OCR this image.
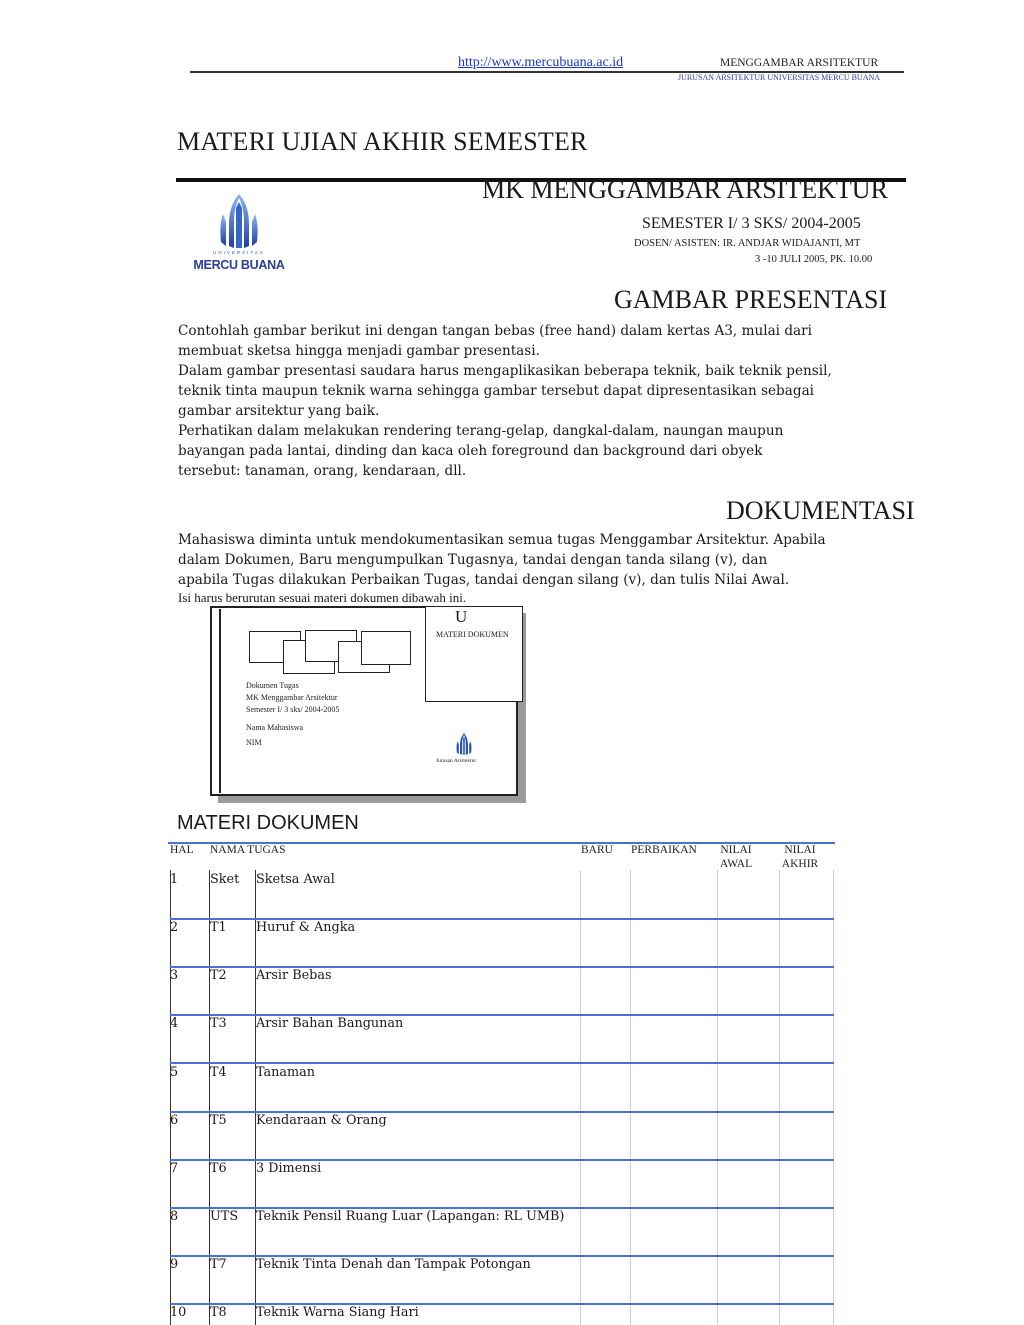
http://www.mercubuana.ac.id	MENGGAMBAR ARSITEKTUR
JURUSAN ARSITEKTUR UNIVERSITAS MERCU BUANA
MATERI UJIAN AKHIR SEMESTER
MK MENGGAMBAR ARSITEKTUR
SEMESTER I/ 3 SKS/ 2004-2005
DOSEN/ ASISTEN: IR. ANDJAR WIDAJANTI, MT
3 -10 JULI 2005, PK. 10.00
UNIVERSITAS
MERCU BUANA
GAMBAR PRESENTASI
Contohlah gambar berikut ini dengan tangan bebas (free hand) dalam kertas A3, mulai dari
membuat sketsa hingga menjadi gambar presentasi.
Dalam gambar presentasi saudara harus mengaplikasikan beberapa teknik, baik teknik pensil,
teknik tinta maupun teknik warna sehingga gambar tersebut dapat dipresentasikan sebagai
gambar arsitektur yang baik.
Perhatikan dalam melakukan rendering terang-gelap, dangkal-dalam, naungan maupun
bayangan pada lantai, dinding dan kaca oleh foreground dan background dari obyek
tersebut: tanaman, orang, kendaraan, dll.
DOKUMENTASI
Mahasiswa diminta untuk mendokumentasikan semua tugas Menggambar Arsitektur. Apabila
dalam Dokumen, Baru mengumpulkan Tugasnya, tandai dengan tanda silang (v), dan
apabila Tugas dilakukan Perbaikan Tugas, tandai dengan silang (v), dan tulis Nilai Awal.
Isi harus berurutan sesuai materi dokumen dibawah ini.
U
MATERI DOKUMEN
Dokumen Tugas
MK Menggambar Arsitektur
Semester I/ 3 sks/ 2004-2005
Nama Mahasiswa
NIM
Jurusan Arsitektur
MATERI DOKUMEN
HAL NAMA TUGAS	BARU PERBAIKAN NILAI
AWAL
NILAI
AKHIR
1 Sket Sketsa Awal
2 T1 Huruf & Angka
3 T2 Arsir Bebas
4 T3 Arsir Bahan Bangunan
5 T4 Tanaman
6 T5 Kendaraan & Orang
7 T6 3 Dimensi
8 UTS Teknik Pensil Ruang Luar (Lapangan: RL UMB)
9 T7 Teknik Tinta Denah dan Tampak Potongan
10 T8 Teknik Warna Siang Hari
